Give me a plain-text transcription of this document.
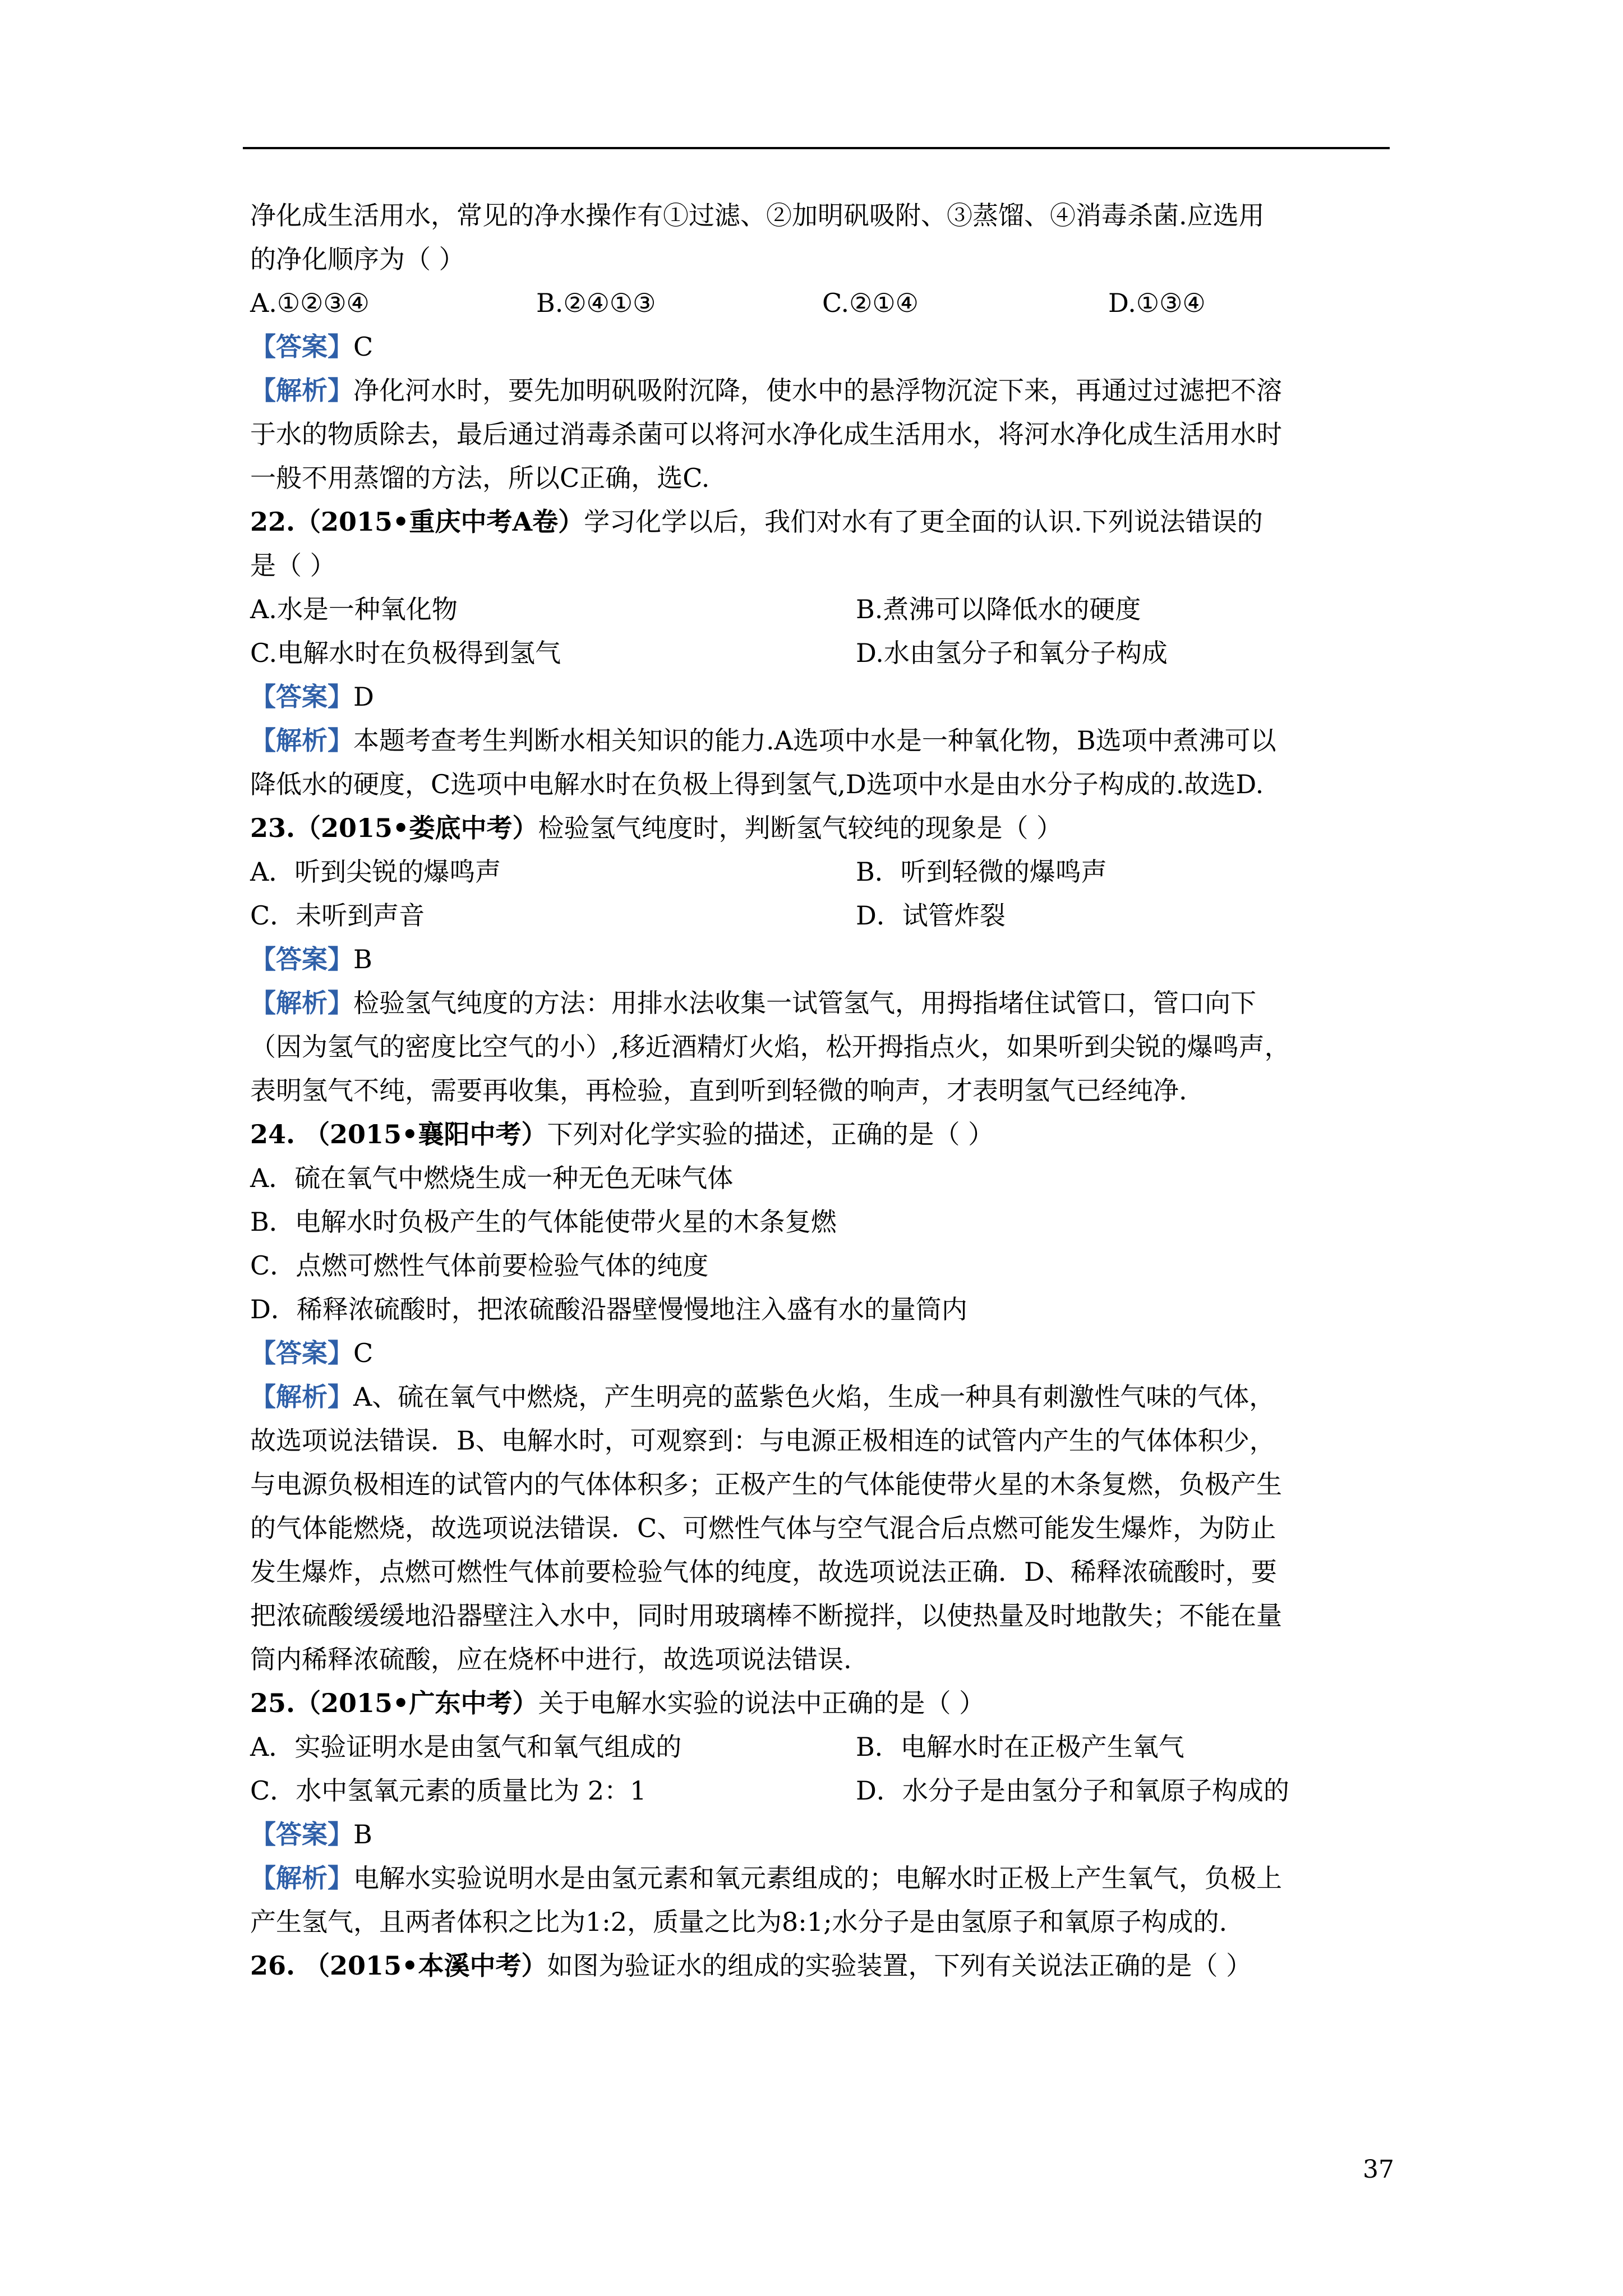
净化成生活用水，常见的净水操作有①过滤、②加明矾吸附、③蒸馏、④消毒杀菌.应选用
的净化顺序为（ ）
A.①②③④	B.②④①③	C.②①④	D.①③④
【答案】C
【解析】净化河水时，要先加明矾吸附沉降，使水中的悬浮物沉淀下来，再通过过滤把不溶
于水的物质除去，最后通过消毒杀菌可以将河水净化成生活用水，将河水净化成生活用水时
一般不用蒸馏的方法，所以C正确，选C.
22.（2015•重庆中考A卷）学习化学以后，我们对水有了更全面的认识.下列说法错误的
是（ ）
A.水是一种氧化物	B.煮沸可以降低水的硬度
C.电解水时在负极得到氢气	D.水由氢分子和氧分子构成
【答案】D
【解析】本题考查考生判断水相关知识的能力.A选项中水是一种氧化物，B选项中煮沸可以
降低水的硬度，C选项中电解水时在负极上得到氢气,D选项中水是由水分子构成的.故选D.
23.（2015•娄底中考）检验氢气纯度时，判断氢气较纯的现象是（ ）
A．听到尖锐的爆鸣声	B．听到轻微的爆鸣声
C．未听到声音	D．试管炸裂
【答案】B
【解析】检验氢气纯度的方法：用排水法收集一试管氢气，用拇指堵住试管口，管口向下
（因为氢气的密度比空气的小）,移近酒精灯火焰，松开拇指点火，如果听到尖锐的爆鸣声，
表明氢气不纯，需要再收集，再检验，直到听到轻微的响声，才表明氢气已经纯净.
24. （2015•襄阳中考）下列对化学实验的描述，正确的是（ ）
A．硫在氧气中燃烧生成一种无色无味气体
B．电解水时负极产生的气体能使带火星的木条复燃
C．点燃可燃性气体前要检验气体的纯度
D．稀释浓硫酸时，把浓硫酸沿器壁慢慢地注入盛有水的量筒内
【答案】C
【解析】A、硫在氧气中燃烧，产生明亮的蓝紫色火焰，生成一种具有刺激性气味的气体，
故选项说法错误．B、电解水时，可观察到：与电源正极相连的试管内产生的气体体积少，
与电源负极相连的试管内的气体体积多；正极产生的气体能使带火星的木条复燃，负极产生
的气体能燃烧，故选项说法错误．C、可燃性气体与空气混合后点燃可能发生爆炸，为防止
发生爆炸，点燃可燃性气体前要检验气体的纯度，故选项说法正确．D、稀释浓硫酸时，要
把浓硫酸缓缓地沿器壁注入水中，同时用玻璃棒不断搅拌，以使热量及时地散失；不能在量
筒内稀释浓硫酸，应在烧杯中进行，故选项说法错误.
25.（2015•广东中考）关于电解水实验的说法中正确的是（ ）
A．实验证明水是由氢气和氧气组成的	B．电解水时在正极产生氧气
C．水中氢氧元素的质量比为 2：1	D．水分子是由氢分子和氧原子构成的
【答案】B
【解析】电解水实验说明水是由氢元素和氧元素组成的；电解水时正极上产生氧气，负极上
产生氢气，且两者体积之比为1:2，质量之比为8:1;水分子是由氢原子和氧原子构成的.
26. （2015•本溪中考）如图为验证水的组成的实验装置，下列有关说法正确的是（ ）
37
